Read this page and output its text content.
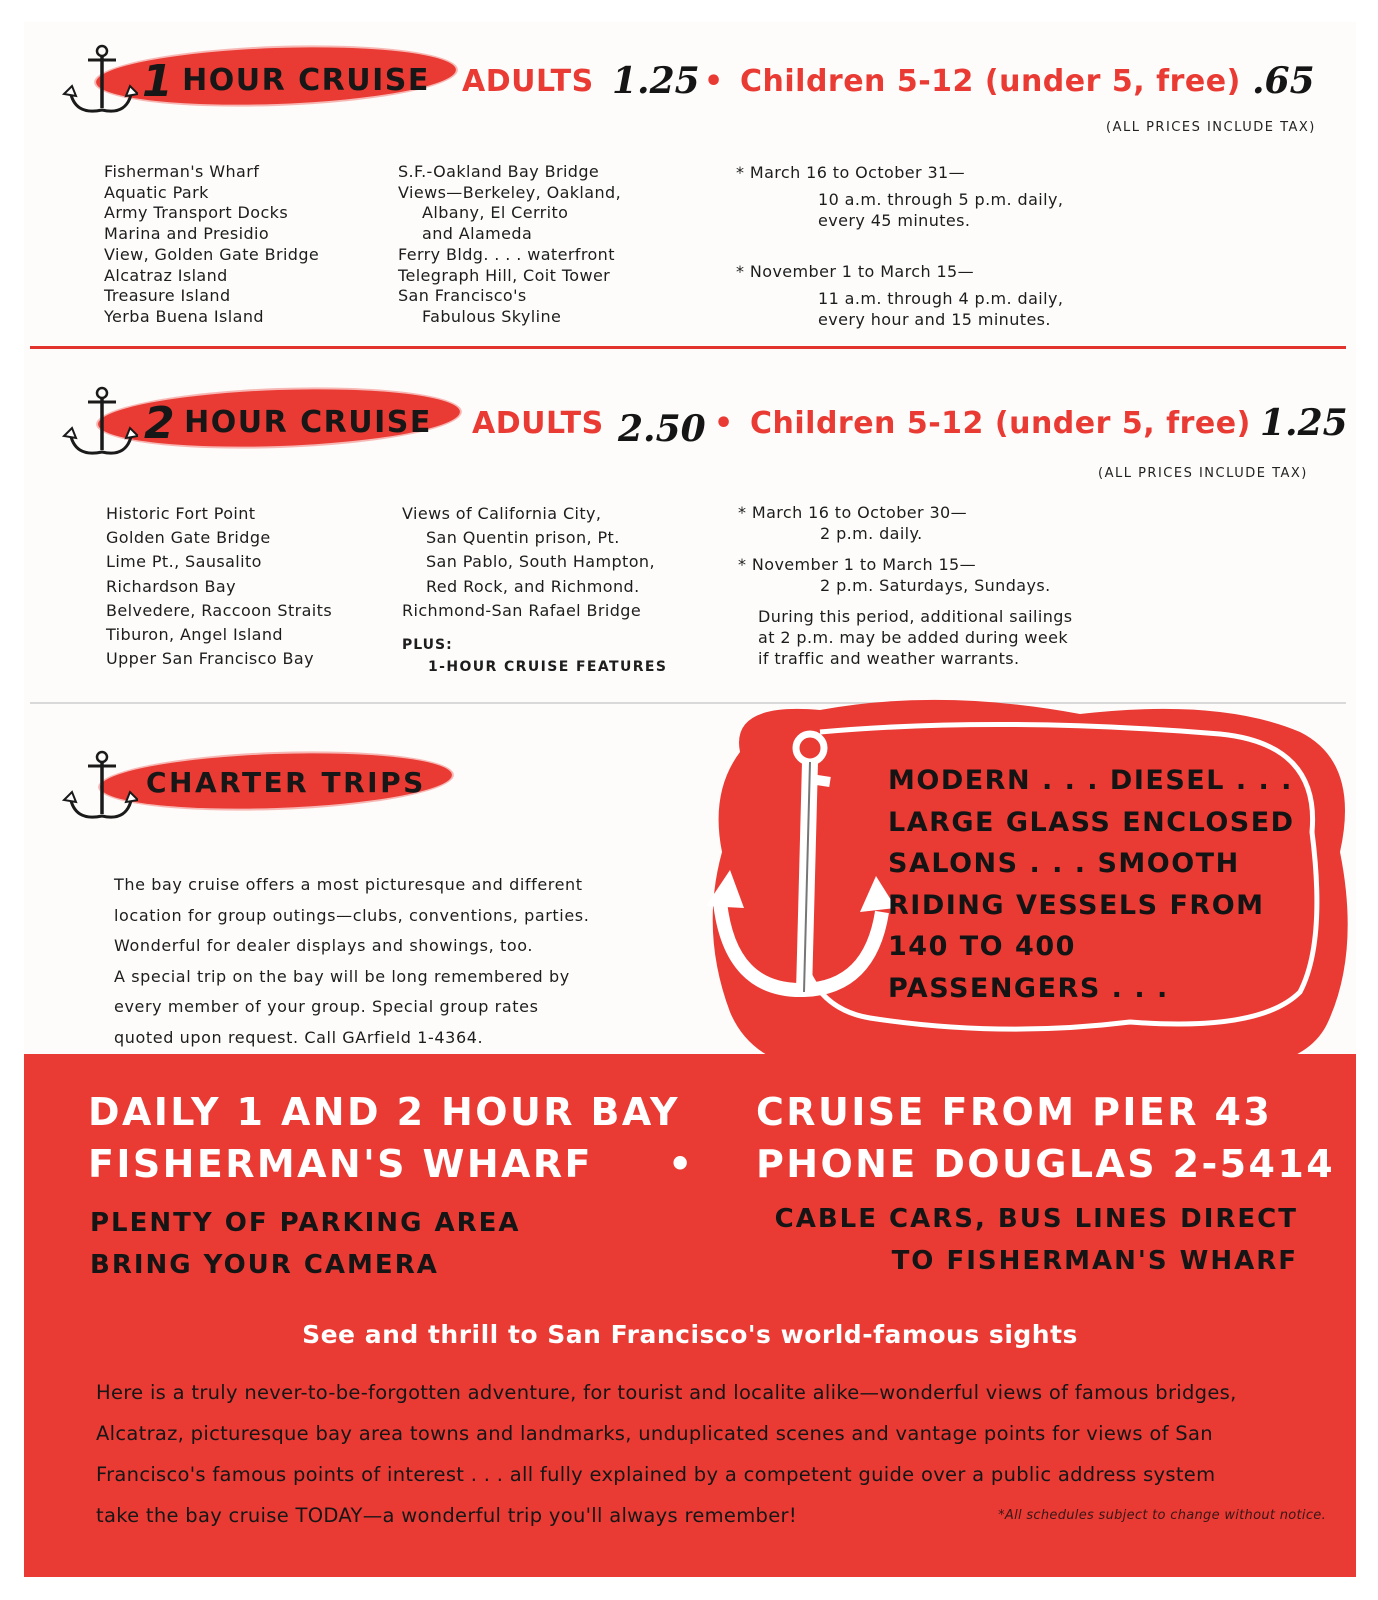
1 HOUR CRUISE ADULTS 1.25 • Children 5-12 (under 5, free) .65
(ALL PRICES INCLUDE TAX)
Fisherman's Wharf
Aquatic Park
Army Transport Docks
Marina and Presidio
View, Golden Gate Bridge
Alcatraz Island
Treasure Island
Yerba Buena Island
S.F.-Oakland Bay Bridge
Views—Berkeley, Oakland,
Albany, El Cerrito
and Alameda
Ferry Bldg. . . . waterfront
Telegraph Hill, Coit Tower
San Francisco's
Fabulous Skyline
* March 16 to October 31—
10 a.m. through 5 p.m. daily,
every 45 minutes.
* November 1 to March 15—
11 a.m. through 4 p.m. daily,
every hour and 15 minutes.
2 HOUR CRUISE ADULTS 2.50 • Children 5-12 (under 5, free) 1.25
(ALL PRICES INCLUDE TAX)
Historic Fort Point
Golden Gate Bridge
Lime Pt., Sausalito
Richardson Bay
Belvedere, Raccoon Straits
Tiburon, Angel Island
Upper San Francisco Bay
Views of California City,
San Quentin prison, Pt.
San Pablo, South Hampton,
Red Rock, and Richmond.
Richmond-San Rafael Bridge
PLUS:
1-HOUR CRUISE FEATURES
* March 16 to October 30—
2 p.m. daily.
* November 1 to March 15—
2 p.m. Saturdays, Sundays.
During this period, additional sailings
at 2 p.m. may be added during week
if traffic and weather warrants.
CHARTER TRIPS
The bay cruise offers a most picturesque and different
location for group outings—clubs, conventions, parties.
Wonderful for dealer displays and showings, too.
A special trip on the bay will be long remembered by
every member of your group. Special group rates
quoted upon request. Call GArfield 1-4364.
MODERN . . . DIESEL . . .
LARGE GLASS ENCLOSED
SALONS . . . SMOOTH
RIDING VESSELS FROM
140 TO 400
PASSENGERS . . .
DAILY 1 AND 2 HOUR BAY CRUISE FROM PIER 43
FISHERMAN'S WHARF • PHONE DOUGLAS 2-5414
PLENTY OF PARKING AREA
BRING YOUR CAMERA
CABLE CARS, BUS LINES DIRECT
TO FISHERMAN'S WHARF
See and thrill to San Francisco's world-famous sights
Here is a truly never-to-be-forgotten adventure, for tourist and localite alike—wonderful views of famous bridges,
Alcatraz, picturesque bay area towns and landmarks, unduplicated scenes and vantage points for views of San
Francisco's famous points of interest . . . all fully explained by a competent guide over a public address system
take the bay cruise TODAY—a wonderful trip you'll always remember!	*All schedules subject to change without notice.
